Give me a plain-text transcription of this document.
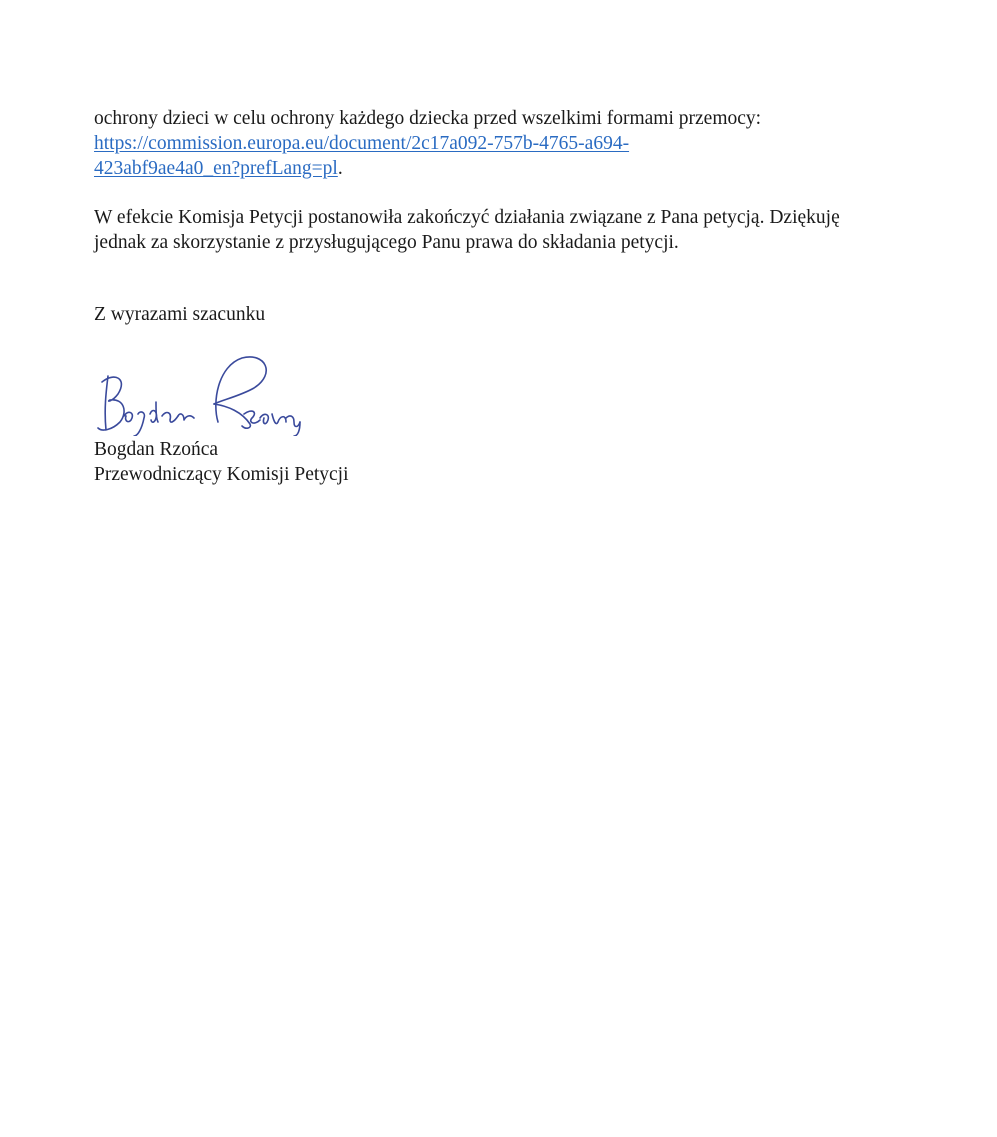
ochrony dzieci w celu ochrony każdego dziecka przed wszelkimi formami przemocy:
https://commission.europa.eu/document/2c17a092-757b-4765-a694-
423abf9ae4a0_en?prefLang=pl.
W efekcie Komisja Petycji postanowiła zakończyć działania związane z Pana petycją. Dziękuję
jednak za skorzystanie z przysługującego Panu prawa do składania petycji.
Z wyrazami szacunku
Bogdan Rzońca
Przewodniczący Komisji Petycji
